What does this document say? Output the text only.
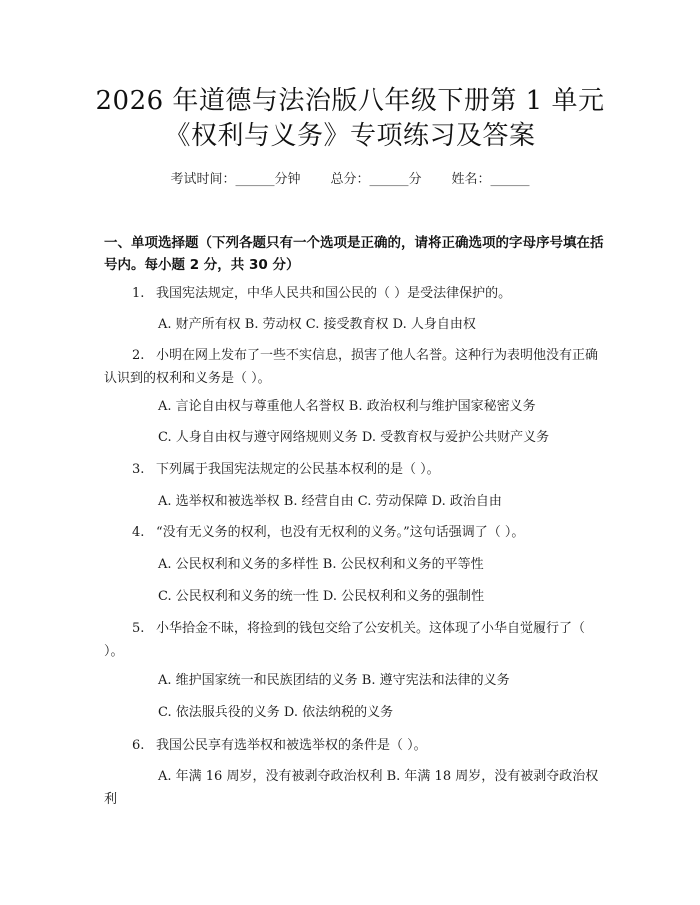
2026 年道德与法治版八年级下册第 1 单元
《权利与义务》专项练习及答案
考试时间：______分钟 总分：______分 姓名：______
一、单项选择题（下列各题只有一个选项是正确的，请将正确选项的字母序号填在括号内。每小题 2 分，共 30 分）
1. 我国宪法规定，中华人民共和国公民的（ ）是受法律保护的。
A. 财产所有权 B. 劳动权 C. 接受教育权 D. 人身自由权
2. 小明在网上发布了一些不实信息，损害了他人名誉。这种行为表明他没有正确认识到的权利和义务是（ ）。
A. 言论自由权与尊重他人名誉权 B. 政治权利与维护国家秘密义务
C. 人身自由权与遵守网络规则义务 D. 受教育权与爱护公共财产义务
3. 下列属于我国宪法规定的公民基本权利的是（ ）。
A. 选举权和被选举权 B. 经营自由 C. 劳动保障 D. 政治自由
4. “没有无义务的权利，也没有无权利的义务。”这句话强调了（ ）。
A. 公民权利和义务的多样性 B. 公民权利和义务的平等性
C. 公民权利和义务的统一性 D. 公民权利和义务的强制性
5. 小华拾金不昧，将捡到的钱包交给了公安机关。这体现了小华自觉履行了（ ）。
A. 维护国家统一和民族团结的义务 B. 遵守宪法和法律的义务
C. 依法服兵役的义务 D. 依法纳税的义务
6. 我国公民享有选举权和被选举权的条件是（ ）。
A. 年满 16 周岁，没有被剥夺政治权利 B. 年满 18 周岁，没有被剥夺政治权利
